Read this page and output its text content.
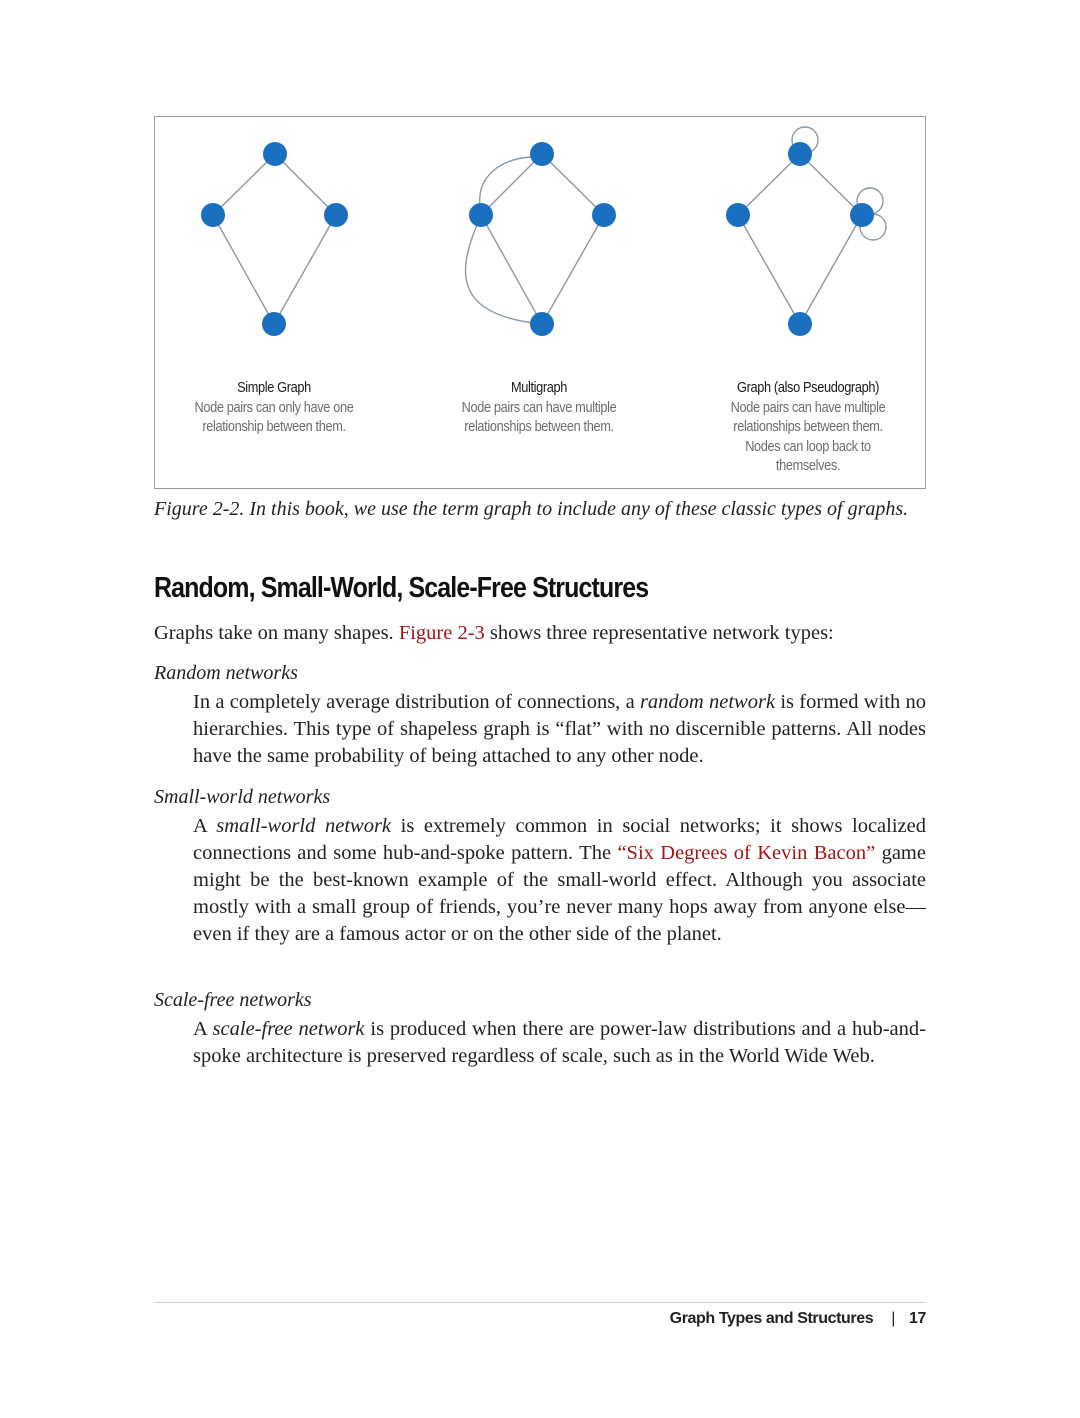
Simple Graph
Node pairs can only have one
relationship between them.
Multigraph
Node pairs can have multiple
relationships between them.
Graph (also Pseudograph)
Node pairs can have multiple
relationships between them.
Nodes can loop back to
themselves.
Figure 2-2. In this book, we use the term graph to include any of these classic types of graphs.
Random, Small-World, Scale-Free Structures
Graphs take on many shapes. Figure 2-3 shows three representative network types:
Random networks
In a completely average distribution of connections, a random network is formed with no hierarchies. This type of shapeless graph is “flat” with no discernible patterns. All nodes have the same probability of being attached to any other node.
Small-world networks
A small-world network is extremely common in social networks; it shows localized connections and some hub-and-spoke pattern. The “Six Degrees of Kevin Bacon” game might be the best-known example of the small-world effect. Although you associate mostly with a small group of friends, you’re never many hops away from anyone else—even if they are a famous actor or on the other side of the planet.
Scale-free networks
A scale-free network is produced when there are power-law distributions and a hub-and-spoke architecture is preserved regardless of scale, such as in the World Wide Web.
Graph Types and Structures | 17
